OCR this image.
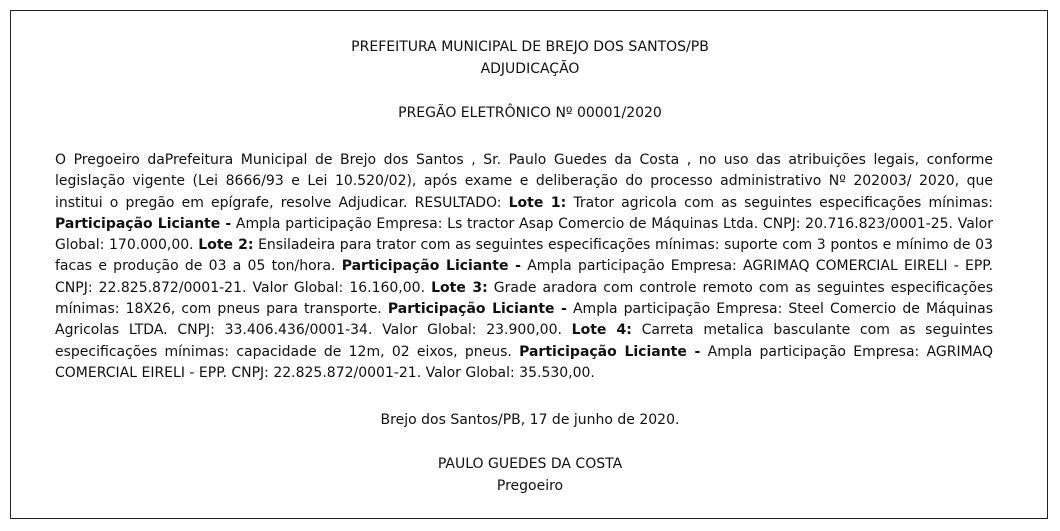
PREFEITURA MUNICIPAL DE BREJO DOS SANTOS/PB
ADJUDICAÇÃO
PREGÃO ELETRÔNICO Nº 00001/2020
O Pregoeiro daPrefeitura Municipal de Brejo dos Santos , Sr. Paulo Guedes da Costa , no uso das atribuições legais, conforme legislação vigente (Lei 8666/93 e Lei 10.520/02), após exame e deliberação do processo administrativo Nº 202003/ 2020, que institui o pregão em epígrafe, resolve Adjudicar. RESULTADO: Lote 1: Trator agricola com as seguintes especificações mínimas: Participação Liciante - Ampla participação Empresa: Ls tractor Asap Comercio de Máquinas Ltda. CNPJ: 20.716.823/0001-25. Valor Global: 170.000,00. Lote 2: Ensiladeira para trator com as seguintes especificações mínimas: suporte com 3 pontos e mínimo de 03 facas e produção de 03 a 05 ton/hora. Participação Liciante - Ampla participação Empresa: AGRIMAQ COMERCIAL EIRELI - EPP. CNPJ: 22.825.872/0001-21. Valor Global: 16.160,00. Lote 3: Grade aradora com controle remoto com as seguintes especificações mínimas: 18X26, com pneus para transporte. Participação Liciante - Ampla participação Empresa: Steel Comercio de Máquinas Agricolas LTDA. CNPJ: 33.406.436/0001-34. Valor Global: 23.900,00. Lote 4: Carreta metalica basculante com as seguintes especificações mínimas: capacidade de 12m, 02 eixos, pneus. Participação Liciante - Ampla participação Empresa: AGRIMAQ COMERCIAL EIRELI - EPP. CNPJ: 22.825.872/0001-21. Valor Global: 35.530,00.
Brejo dos Santos/PB, 17 de junho de 2020.
PAULO GUEDES DA COSTA
Pregoeiro
